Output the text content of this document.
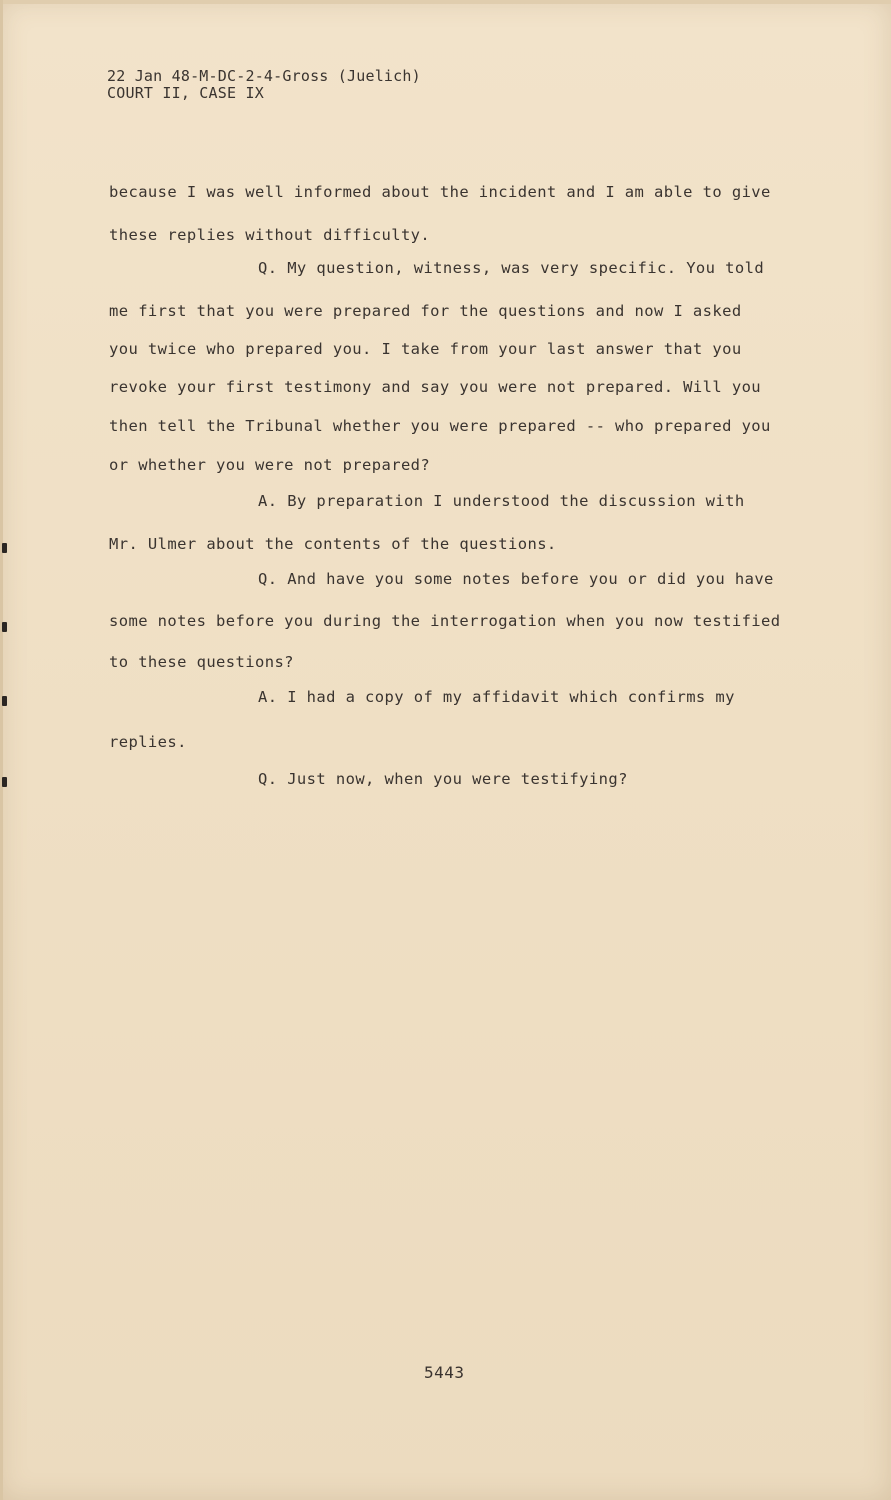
22 Jan 48-M-DC-2-4-Gross (Juelich)
COURT II, CASE IX
because I was well informed about the incident and I am able to give
these replies without difficulty.
Q. My question, witness, was very specific. You told
me first that you were prepared for the questions and now I asked
you twice who prepared you. I take from your last answer that you
revoke your first testimony and say you were not prepared. Will you
then tell the Tribunal whether you were prepared -- who prepared you
or whether you were not prepared?
A. By preparation I understood the discussion with
Mr. Ulmer about the contents of the questions.
Q. And have you some notes before you or did you have
some notes before you during the interrogation when you now testified
to these questions?
A. I had a copy of my affidavit which confirms my
replies.
Q. Just now, when you were testifying?
5443
